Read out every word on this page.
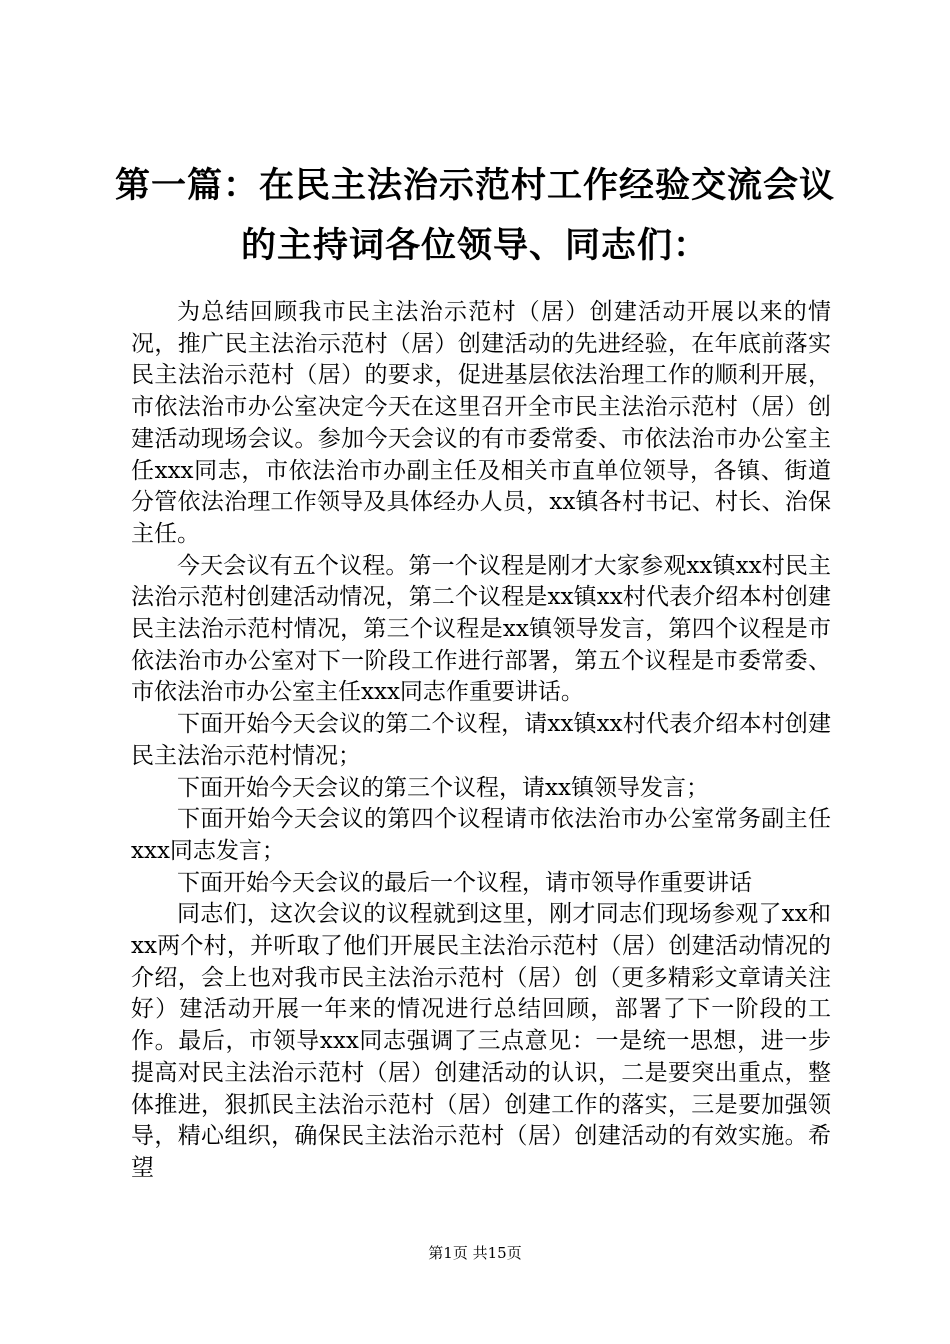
第一篇：在民主法治示范村工作经验交流会议
的主持词各位领导、同志们：

为总结回顾我市民主法治示范村（居）创建活动开展以来的情况，推广民主法治示范村（居）创建活动的先进经验，在年底前落实民主法治示范村（居）的要求，促进基层依法治理工作的顺利开展，市依法治市办公室决定今天在这里召开全市民主法治示范村（居）创建活动现场会议。参加今天会议的有市委常委、市依法治市办公室主任xxx同志，市依法治市办副主任及相关市直单位领导，各镇、街道分管依法治理工作领导及具体经办人员，xx镇各村书记、村长、治保主任。

今天会议有五个议程。第一个议程是刚才大家参观xx镇xx村民主法治示范村创建活动情况，第二个议程是xx镇xx村代表介绍本村创建民主法治示范村情况，第三个议程是xx镇领导发言，第四个议程是市依法治市办公室对下一阶段工作进行部署，第五个议程是市委常委、市依法治市办公室主任xxx同志作重要讲话。

下面开始今天会议的第二个议程，请xx镇xx村代表介绍本村创建民主法治示范村情况；

下面开始今天会议的第三个议程，请xx镇领导发言；

下面开始今天会议的第四个议程请市依法治市办公室常务副主任xxx同志发言；

下面开始今天会议的最后一个议程，请市领导作重要讲话

同志们，这次会议的议程就到这里，刚才同志们现场参观了xx和xx两个村，并听取了他们开展民主法治示范村（居）创建活动情况的介绍，会上也对我市民主法治示范村（居）创（更多精彩文章请关注好）建活动开展一年来的情况进行总结回顾，部署了下一阶段的工作。最后，市领导xxx同志强调了三点意见：一是统一思想，进一步提高对民主法治示范村（居）创建活动的认识，二是要突出重点，整体推进，狠抓民主法治示范村（居）创建工作的落实，三是要加强领导，精心组织，确保民主法治示范村（居）创建活动的有效实施。希望

第1页 共15页
